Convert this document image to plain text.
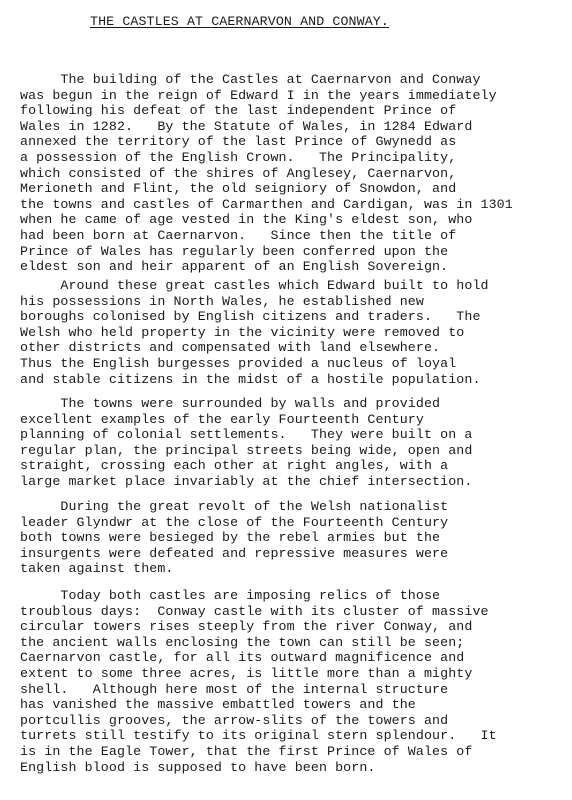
THE CASTLES AT CAERNARVON AND CONWAY.
The building of the Castles at Caernarvon and Conway
was begun in the reign of Edward I in the years immediately
following his defeat of the last independent Prince of
Wales in 1282.   By the Statute of Wales, in 1284 Edward
annexed the territory of the last Prince of Gwynedd as
a possession of the English Crown.   The Principality,
which consisted of the shires of Anglesey, Caernarvon,
Merioneth and Flint, the old seigniory of Snowdon, and
the towns and castles of Carmarthen and Cardigan, was in 1301
when he came of age vested in the King's eldest son, who
had been born at Caernarvon.   Since then the title of
Prince of Wales has regularly been conferred upon the
eldest son and heir apparent of an English Sovereign.
Around these great castles which Edward built to hold
his possessions in North Wales, he established new
boroughs colonised by English citizens and traders.   The
Welsh who held property in the vicinity were removed to
other districts and compensated with land elsewhere.
Thus the English burgesses provided a nucleus of loyal
and stable citizens in the midst of a hostile population.
The towns were surrounded by walls and provided
excellent examples of the early Fourteenth Century
planning of colonial settlements.   They were built on a
regular plan, the principal streets being wide, open and
straight, crossing each other at right angles, with a
large market place invariably at the chief intersection.
During the great revolt of the Welsh nationalist
leader Glyndwr at the close of the Fourteenth Century
both towns were besieged by the rebel armies but the
insurgents were defeated and repressive measures were
taken against them.
Today both castles are imposing relics of those
troublous days:  Conway castle with its cluster of massive
circular towers rises steeply from the river Conway, and
the ancient walls enclosing the town can still be seen;
Caernarvon castle, for all its outward magnificence and
extent to some three acres, is little more than a mighty
shell.   Although here most of the internal structure
has vanished the massive embattled towers and the
portcullis grooves, the arrow-slits of the towers and
turrets still testify to its original stern splendour.   It
is in the Eagle Tower, that the first Prince of Wales of
English blood is supposed to have been born.
